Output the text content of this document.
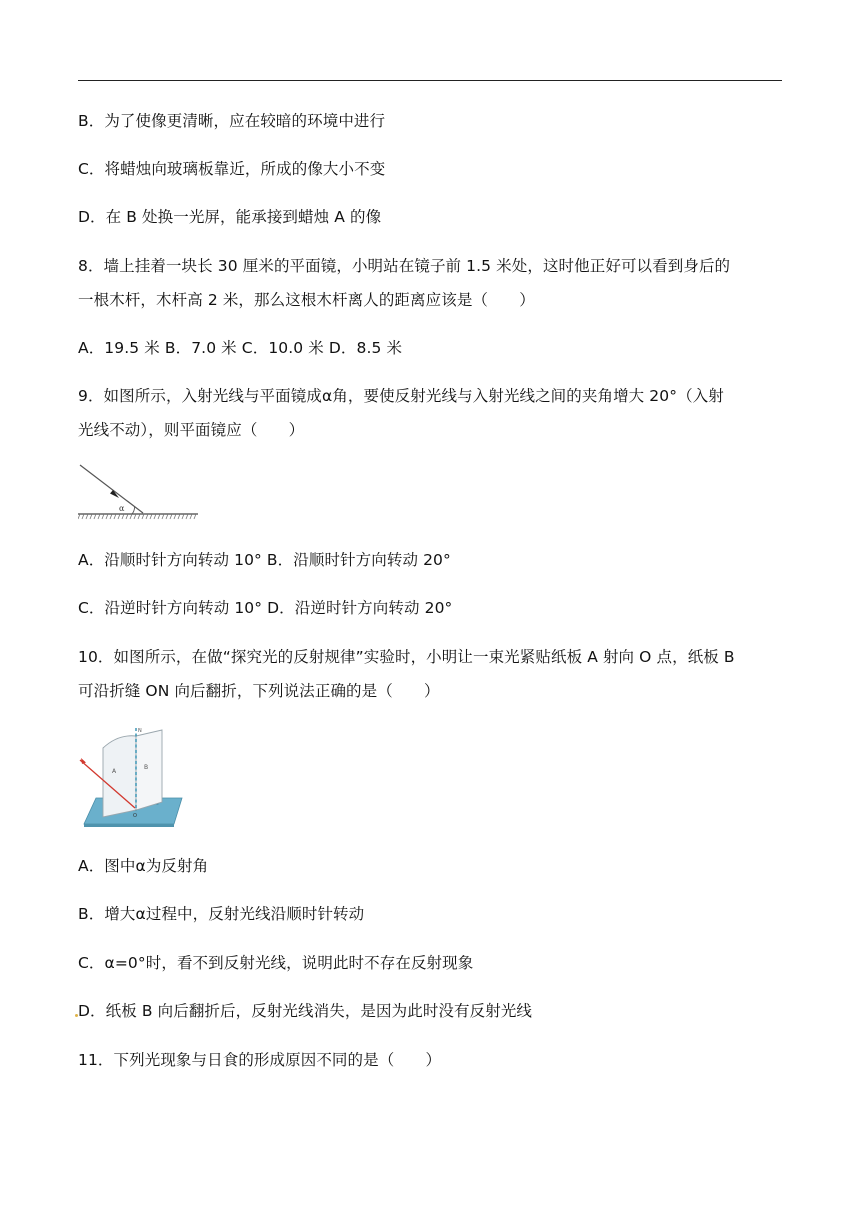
B．为了使像更清晰，应在较暗的环境中进行
C．将蜡烛向玻璃板靠近，所成的像大小不变
D．在 B 处换一光屏，能承接到蜡烛 A 的像
8．墙上挂着一块长 30 厘米的平面镜，小明站在镜子前 1.5 米处，这时他正好可以看到身后的
一根木杆，木杆高 2 米，那么这根木杆离人的距离应该是（　　）
A．19.5 米 B．7.0 米 C．10.0 米 D．8.5 米
9．如图所示，入射光线与平面镜成α角，要使反射光线与入射光线之间的夹角增大 20°（入射
光线不动），则平面镜应（　　）
α
A．沿顺时针方向转动 10° B．沿顺时针方向转动 20°
C．沿逆时针方向转动 10° D．沿逆时针方向转动 20°
10．如图所示，在做“探究光的反射规律”实验时，小明让一束光紧贴纸板 A 射向 O 点，纸板 B
可沿折缝 ON 向后翻折，下列说法正确的是（　　）
A
B
N
O
A．图中α为反射角
B．增大α过程中，反射光线沿顺时针转动
C．α=0°时，看不到反射光线，说明此时不存在反射现象
D．纸板 B 向后翻折后，反射光线消失，是因为此时没有反射光线
11．下列光现象与日食的形成原因不同的是（　　）
